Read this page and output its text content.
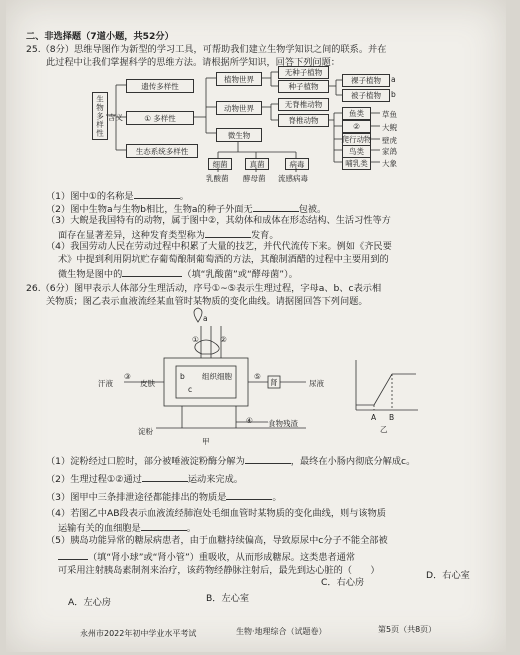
二、非选择题（7道小题，共52分）
25.（8分）思维导图作为新型的学习工具，可帮助我们建立生物学知识之间的联系。并在
此过程中让我们掌握科学的思维方法。请根据所学知识，回答下列问题：
生物多样性 含义
遗传多样性
① 多样性
生态系统多样性
植物世界
动物世界
微生物
无种子植物
种子植物
裸子植物	a
被子植物	b
无脊椎动物
脊椎动物
鱼类
②
爬行动物
鸟类
哺乳类
草鱼
大鲵
壁虎
家鸽
大象
细菌	真菌	病毒
乳酸菌 酵母菌 流感病毒
（1）图中①的名称是	。
（2）图中生物a与生物b相比，生物a的种子外面无	包被。
（3）大鲵是我国特有的动物，属于图中②，其幼体和成体在形态结构、生活习性等方
面存在显著差异，这种发育类型称为	发育。
（4）我国劳动人民在劳动过程中积累了大量的技艺，并代代流传下来。例如《齐民要
术》中提到利用阴坑贮存葡萄酿制葡萄酒的方法，其酿制酒醋的过程中主要用到的
微生物是图中的	（填“乳酸菌”或“酵母菌”）。
26.（6分）图甲表示人体部分生理活动，序号①~⑤表示生理过程，字母a、b、c表示相
关物质；图乙表示血液流经某血管时某物质的变化曲线。请据图回答下列问题。
a
①	②
b
c
组织细胞
汗液
③
皮肤
⑤
肾	尿液
淀粉
④ 食物残渣
甲
A B
乙
（1）淀粉经过口腔时，部分被唾液淀粉酶分解为	，最终在小肠内彻底分解成c。
（2）生理过程①②通过	运动来完成。
（3）图甲中三条排泄途径都能排出的物质是	。
（4）若图乙中AB段表示血液流经肺泡处毛细血管时某物质的变化曲线，则与该物质
运输有关的血细胞是	。
（5）胰岛功能异常的糖尿病患者，由于血糖持续偏高，导致原尿中c分子不能全部被
（填“肾小球”或“肾小管”）重吸收，从而形成糖尿。这类患者通常
可采用注射胰岛素制剂来治疗，该药物经静脉注射后，最先到达心脏的（　　）
C．右心房
D．右心室
A．左心房	B．左心室
永州市2022年初中学业水平考试	生物·地理综合（试题卷）	第5页（共8页）
